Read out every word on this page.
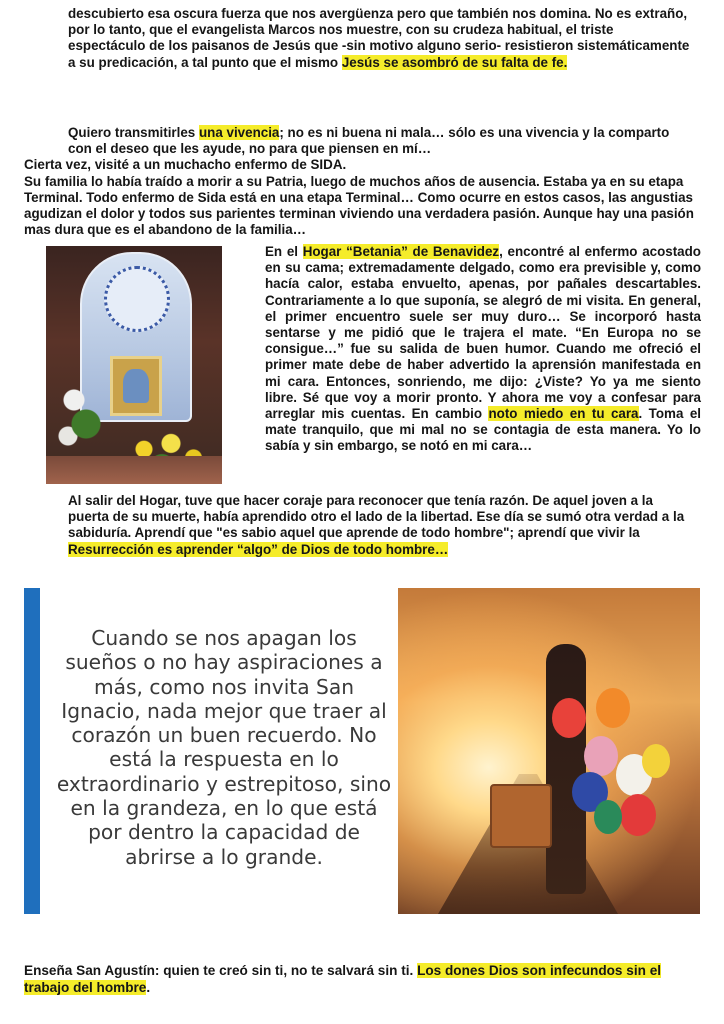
descubierto esa oscura fuerza que nos avergüenza pero que también nos domina. No es extraño, por lo tanto, que el evangelista Marcos nos muestre, con su crudeza habitual, el triste espectáculo de los paisanos de Jesús que -sin motivo alguno serio- resistieron sistemáticamente a su predicación, a tal punto que el mismo Jesús se asombró de su falta de fe.

Quiero transmitirles una vivencia; no es ni buena ni mala… sólo es una vivencia y la comparto con el deseo que les ayude, no para que piensen en mí…
Cierta vez, visité a un muchacho enfermo de SIDA.
Su familia lo había traído a morir a su Patria, luego de muchos años de ausencia. Estaba ya en su etapa Terminal. Todo enfermo de Sida está en una etapa Terminal… Como ocurre en estos casos, las angustias agudizan el dolor y todos sus parientes terminan viviendo una verdadera pasión. Aunque hay una pasión mas dura que es el abandono de la familia…

En el Hogar “Betania” de Benavidez, encontré al enfermo acostado en su cama; extremadamente delgado, como era previsible y, como hacía calor, estaba envuelto, apenas, por pañales descartables. Contrariamente a lo que suponía, se alegró de mi visita. En general, el primer encuentro suele ser muy duro… Se incorporó hasta sentarse y me pidió que le trajera el mate. “En Europa no se consigue…” fue su salida de buen humor. Cuando me ofreció el primer mate debe de haber advertido la aprensión manifestada en mi cara. Entonces, sonriendo, me dijo: ¿Viste? Yo ya me siento libre. Sé que voy a morir pronto. Y ahora me voy a confesar para arreglar mis cuentas. En cambio noto miedo en tu cara. Toma el mate tranquilo, que mi mal no se contagia de esta manera. Yo lo sabía y sin embargo, se notó en mi cara…

Al salir del Hogar, tuve que hacer coraje para reconocer que tenía razón. De aquel joven a la puerta de su muerte, había aprendido otro el lado de la libertad. Ese día se sumó otra verdad a la sabiduría. Aprendí que "es sabio aquel que aprende de todo hombre"; aprendí que vivir la Resurrección es aprender “algo” de Dios de todo hombre…

Cuando se nos apagan los sueños o no hay aspiraciones a más, como nos invita San Ignacio, nada mejor que traer al corazón un buen recuerdo. No está la respuesta en lo extraordinario y estrepitoso, sino en la grandeza, en lo que está por dentro la capacidad de abrirse a lo grande.

Enseña San Agustín: quien te creó sin ti, no te salvará sin ti. Los dones Dios son infecundos sin el trabajo del hombre.
